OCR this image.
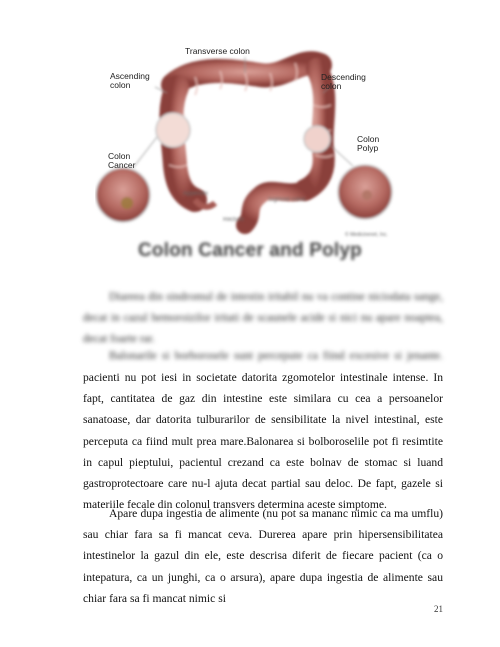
Transverse colon
Ascending
colon
Descending
colon
Colon
Cancer
Colon
Polyp
Appendix
Rectum
Sigmoid colon
© Medicinenet, Inc.
Colon Cancer and Polyp
Diareea din sindromul de intestin iritabil nu va contine niciodata sange, decat in cazul hemoroizilor iritati de scaunele acide si nici nu apare noaptea, decat foarte rar.
Balonarile si borborosele sunt percepute ca fiind excesive si jenante.
pacienti nu pot iesi in societate datorita zgomotelor intestinale intense. In fapt, cantitatea de gaz din intestine este similara cu cea a persoanelor sanatoase, dar datorita tulburarilor de sensibilitate la nivel intestinal, este perceputa ca fiind mult prea mare.Balonarea si bolboroselile pot fi resimtite in capul pieptului, pacientul crezand ca este bolnav de stomac si luand gastroprotectoare care nu-l ajuta decat partial sau deloc. De fapt, gazele si materiile fecale din colonul transvers determina aceste simptome.
Apare dupa ingestia de alimente (nu pot sa mananc nimic ca ma umflu) sau chiar fara sa fi mancat ceva. Durerea apare prin hipersensibilitatea intestinelor la gazul din ele, este descrisa diferit de fiecare pacient (ca o intepatura, ca un junghi, ca o arsura), apare dupa ingestia de alimente sau chiar fara sa fi mancat nimic si
21
